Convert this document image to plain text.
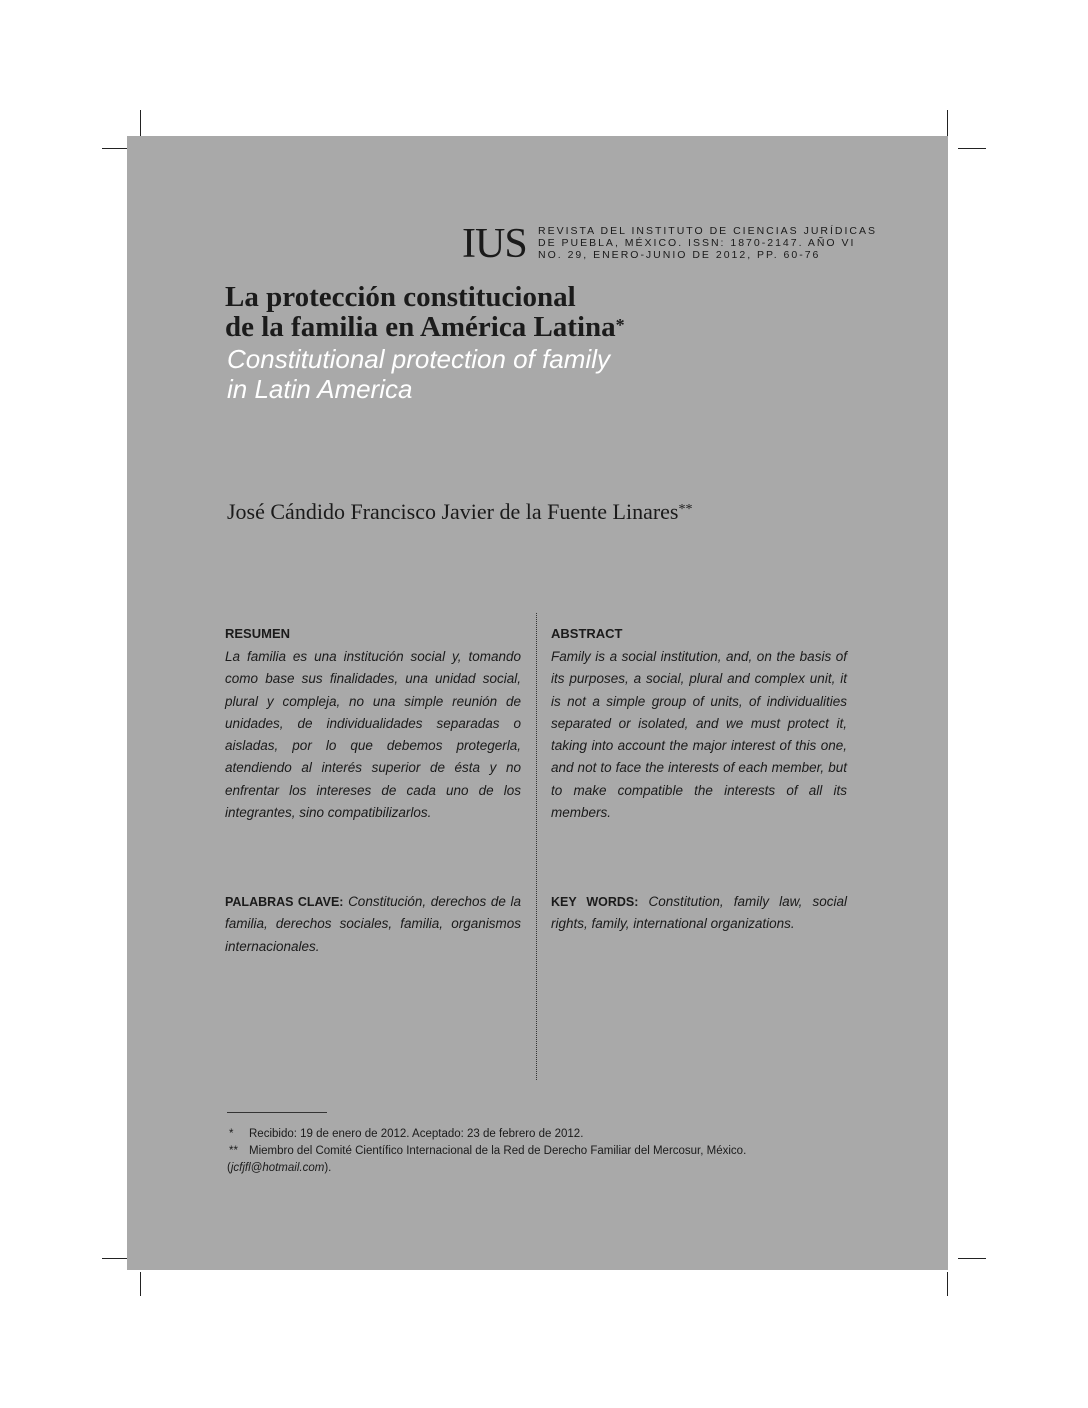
IUS REVISTA DEL INSTITUTO DE CIENCIAS JURÍDICAS
DE PUEBLA, MÉXICO. ISSN: 1870-2147. AÑO VI
NO. 29, ENERO-JUNIO DE 2012, PP. 60-76
La protección constitucional
de la familia en América Latina*
Constitutional protection of family
in Latin America
José Cándido Francisco Javier de la Fuente Linares**
RESUMEN
La familia es una institución social y, tomando como base sus finalidades, una unidad social, plural y compleja, no una simple reunión de unidades, de individualidades separadas o aisladas, por lo que debemos protegerla, atendiendo al interés superior de ésta y no enfrentar los intereses de cada uno de los integrantes, sino compatibilizarlos.
ABSTRACT
Family is a social institution, and, on the basis of its purposes, a social, plural and complex unit, it is not a simple group of units, of individualities separated or isolated, and we must protect it, taking into account the major interest of this one, and not to face the interests of each member, but to make compatible the interests of all its members.
PALABRAS CLAVE: Constitución, derechos de la familia, derechos sociales, familia, organismos internacionales.
KEY WORDS: Constitution, family law, social rights, family, international organizations.
* Recibido: 19 de enero de 2012. Aceptado: 23 de febrero de 2012.
** Miembro del Comité Científico Internacional de la Red de Derecho Familiar del Mercosur, México.
(jcfjfl@hotmail.com).
